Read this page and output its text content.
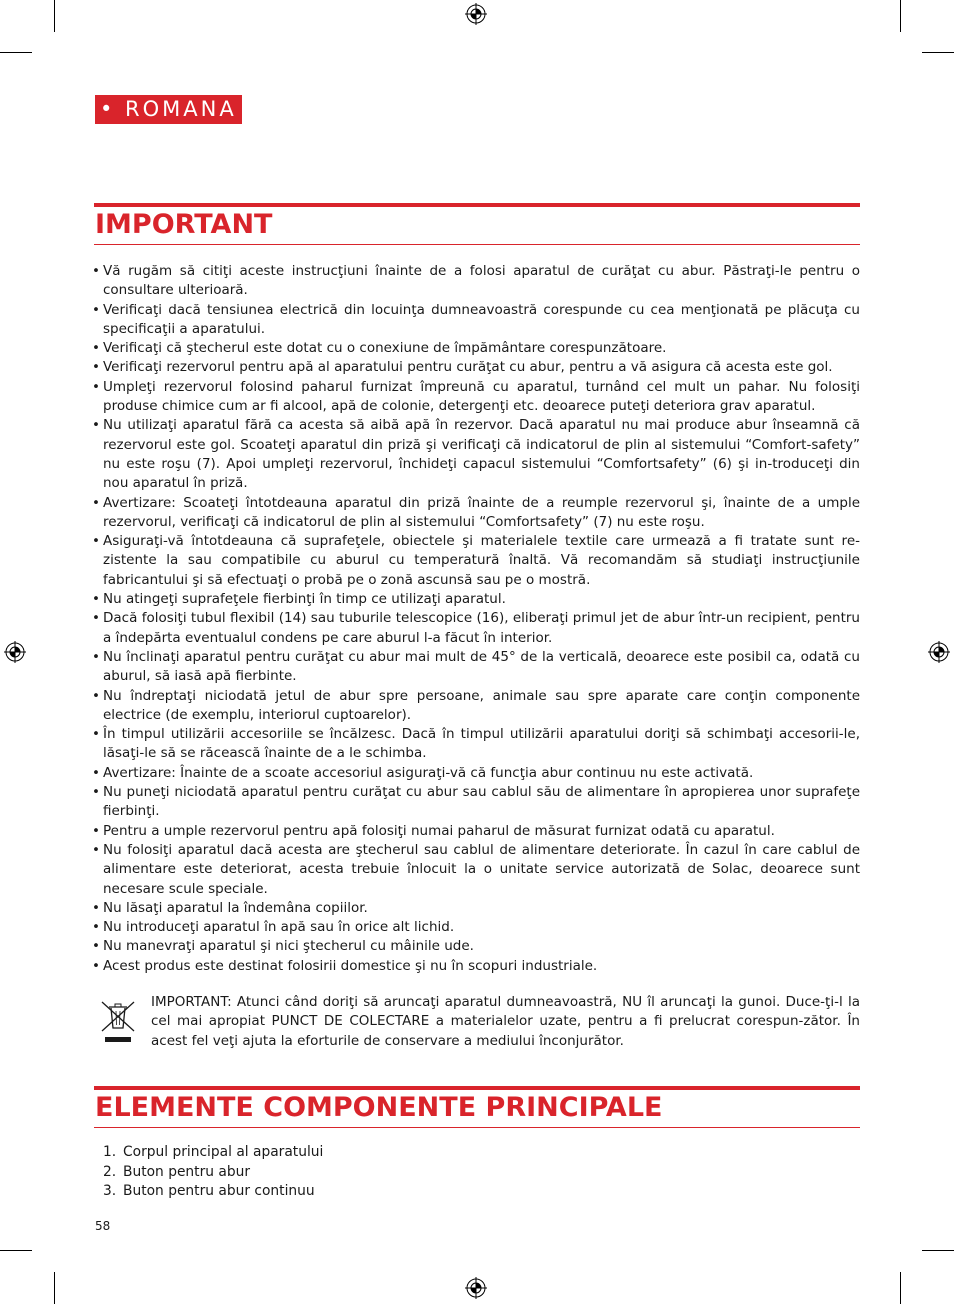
• ROMANA
IMPORTANT
• Vă rugăm să citiţi aceste instrucţiuni înainte de a folosi aparatul de curăţat cu abur. Păstraţi-le pentru o consultare ulterioară.
• Verificaţi dacă tensiunea electrică din locuinţa dumneavoastră corespunde cu cea menţionată pe plăcuţa cu specificaţii a aparatului.
• Verificaţi că ştecherul este dotat cu o conexiune de împământare corespunzătoare.
• Verificaţi rezervorul pentru apă al aparatului pentru curăţat cu abur, pentru a vă asigura că acesta este gol.
• Umpleţi rezervorul folosind paharul furnizat împreună cu aparatul, turnând cel mult un pahar. Nu folosiţi produse chimice cum ar fi alcool, apă de colonie, detergenţi etc. deoarece puteţi deteriora grav aparatul.
• Nu utilizaţi aparatul fără ca acesta să aibă apă în rezervor. Dacă aparatul nu mai produce abur înseamnă că rezervorul este gol. Scoateţi aparatul din priză şi verificaţi că indicatorul de plin al sistemului “Comfort-safety” nu este roşu (7). Apoi umpleţi rezervorul, închideţi capacul sistemului “Comfortsafety” (6) şi in-troduceţi din nou aparatul în priză.
• Avertizare: Scoateţi întotdeauna aparatul din priză înainte de a reumple rezervorul şi, înainte de a umple rezervorul, verificaţi că indicatorul de plin al sistemului “Comfortsafety” (7) nu este roşu.
• Asiguraţi-vă întotdeauna că suprafeţele, obiectele şi materialele textile care urmează a fi tratate sunt re-zistente la sau compatibile cu aburul cu temperatură înaltă. Vă recomandăm să studiaţi instrucţiunile fabricantului şi să efectuaţi o probă pe o zonă ascunsă sau pe o mostră.
• Nu atingeţi suprafeţele fierbinţi în timp ce utilizaţi aparatul.
• Dacă folosiţi tubul flexibil (14) sau tuburile telescopice (16), eliberaţi primul jet de abur într-un recipient, pentru a îndepărta eventualul condens pe care aburul l-a făcut în interior.
• Nu înclinaţi aparatul pentru curăţat cu abur mai mult de 45° de la verticală, deoarece este posibil ca, odată cu aburul, să iasă apă fierbinte.
• Nu îndreptaţi niciodată jetul de abur spre persoane, animale sau spre aparate care conţin componente electrice (de exemplu, interiorul cuptoarelor).
• În timpul utilizării accesoriile se încălzesc. Dacă în timpul utilizării aparatului doriţi să schimbaţi accesorii-le, lăsaţi-le să se răcească înainte de a le schimba.
• Avertizare: Înainte de a scoate accesoriul asiguraţi-vă că funcţia abur continuu nu este activată.
• Nu puneţi niciodată aparatul pentru curăţat cu abur sau cablul său de alimentare în apropierea unor suprafeţe fierbinţi.
• Pentru a umple rezervorul pentru apă folosiţi numai paharul de măsurat furnizat odată cu aparatul.
• Nu folosiţi aparatul dacă acesta are ştecherul sau cablul de alimentare deteriorate. În cazul în care cablul de alimentare este deteriorat, acesta trebuie înlocuit la o unitate service autorizată de Solac, deoarece sunt necesare scule speciale.
• Nu lăsaţi aparatul la îndemâna copiilor.
• Nu introduceţi aparatul în apă sau în orice alt lichid.
• Nu manevraţi aparatul şi nici ştecherul cu mâinile ude.
• Acest produs este destinat folosirii domestice şi nu în scopuri industriale.
IMPORTANT: Atunci când doriţi să aruncaţi aparatul dumneavoastră, NU îl aruncaţi la gunoi. Duce-ţi-l la cel mai apropiat PUNCT DE COLECTARE a materialelor uzate, pentru a fi prelucrat corespun-zător. În acest fel veţi ajuta la eforturile de conservare a mediului înconjurător.
ELEMENTE COMPONENTE PRINCIPALE
1. Corpul principal al aparatului
2. Buton pentru abur
3. Buton pentru abur continuu
58
